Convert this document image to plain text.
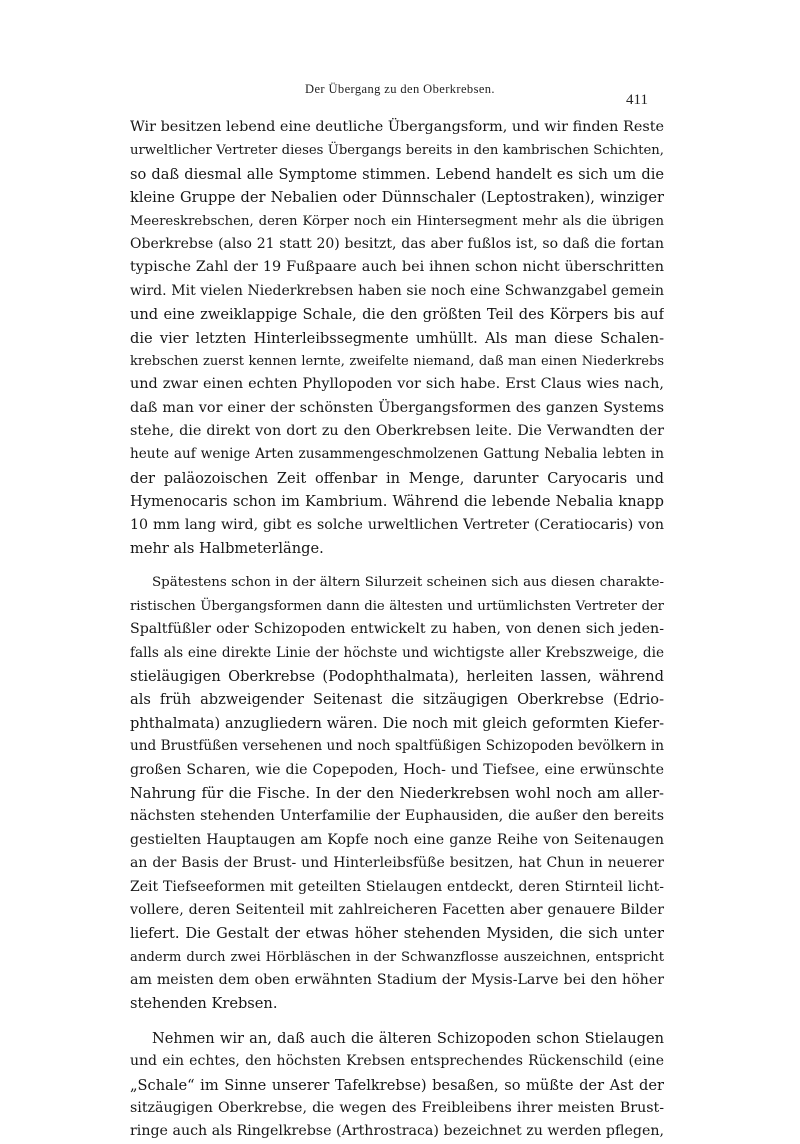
Der Übergang zu den Oberkrebsen.
411
Wir besitzen lebend eine deutliche Übergangsform, und wir finden Reste
urweltlicher Vertreter dieses Übergangs bereits in den kambrischen Schichten,
so daß diesmal alle Symptome stimmen. Lebend handelt es sich um die
kleine Gruppe der Nebalien oder Dünnschaler (Leptostraken), winziger
Meereskrebschen, deren Körper noch ein Hintersegment mehr als die übrigen
Oberkrebse (also 21 statt 20) besitzt, das aber fußlos ist, so daß die fortan
typische Zahl der 19 Fußpaare auch bei ihnen schon nicht überschritten
wird. Mit vielen Niederkrebsen haben sie noch eine Schwanzgabel gemein
und eine zweiklappige Schale, die den größten Teil des Körpers bis auf
die vier letzten Hinterleibssegmente umhüllt. Als man diese Schalen-
krebschen zuerst kennen lernte, zweifelte niemand, daß man einen Niederkrebs
und zwar einen echten Phyllopoden vor sich habe. Erst Claus wies nach,
daß man vor einer der schönsten Übergangsformen des ganzen Systems
stehe, die direkt von dort zu den Oberkrebsen leite. Die Verwandten der
heute auf wenige Arten zusammengeschmolzenen Gattung Nebalia lebten in
der paläozoischen Zeit offenbar in Menge, darunter Caryocaris und
Hymenocaris schon im Kambrium. Während die lebende Nebalia knapp
10 mm lang wird, gibt es solche urweltlichen Vertreter (Ceratiocaris) von
mehr als Halbmeterlänge.
Spätestens schon in der ältern Silurzeit scheinen sich aus diesen charakte-
ristischen Übergangsformen dann die ältesten und urtümlichsten Vertreter der
Spaltfüßler oder Schizopoden entwickelt zu haben, von denen sich jeden-
falls als eine direkte Linie der höchste und wichtigste aller Krebszweige, die
stieläugigen Oberkrebse (Podophthalmata), herleiten lassen, während
als früh abzweigender Seitenast die sitzäugigen Oberkrebse (Edrio-
phthalmata) anzugliedern wären. Die noch mit gleich geformten Kiefer-
und Brustfüßen versehenen und noch spaltfüßigen Schizopoden bevölkern in
großen Scharen, wie die Copepoden, Hoch- und Tiefsee, eine erwünschte
Nahrung für die Fische. In der den Niederkrebsen wohl noch am aller-
nächsten stehenden Unterfamilie der Euphausiden, die außer den bereits
gestielten Hauptaugen am Kopfe noch eine ganze Reihe von Seitenaugen
an der Basis der Brust- und Hinterleibsfüße besitzen, hat Chun in neuerer
Zeit Tiefseeformen mit geteilten Stielaugen entdeckt, deren Stirnteil licht-
vollere, deren Seitenteil mit zahlreicheren Facetten aber genauere Bilder
liefert. Die Gestalt der etwas höher stehenden Mysiden, die sich unter
anderm durch zwei Hörbläschen in der Schwanzflosse auszeichnen, entspricht
am meisten dem oben erwähnten Stadium der Mysis-Larve bei den höher
stehenden Krebsen.
Nehmen wir an, daß auch die älteren Schizopoden schon Stielaugen
und ein echtes, den höchsten Krebsen entsprechendes Rückenschild (eine
„Schale“ im Sinne unserer Tafelkrebse) besaßen, so müßte der Ast der
sitzäugigen Oberkrebse, die wegen des Freibleibens ihrer meisten Brust-
ringe auch als Ringelkrebse (Arthrostraca) bezeichnet zu werden pflegen,
